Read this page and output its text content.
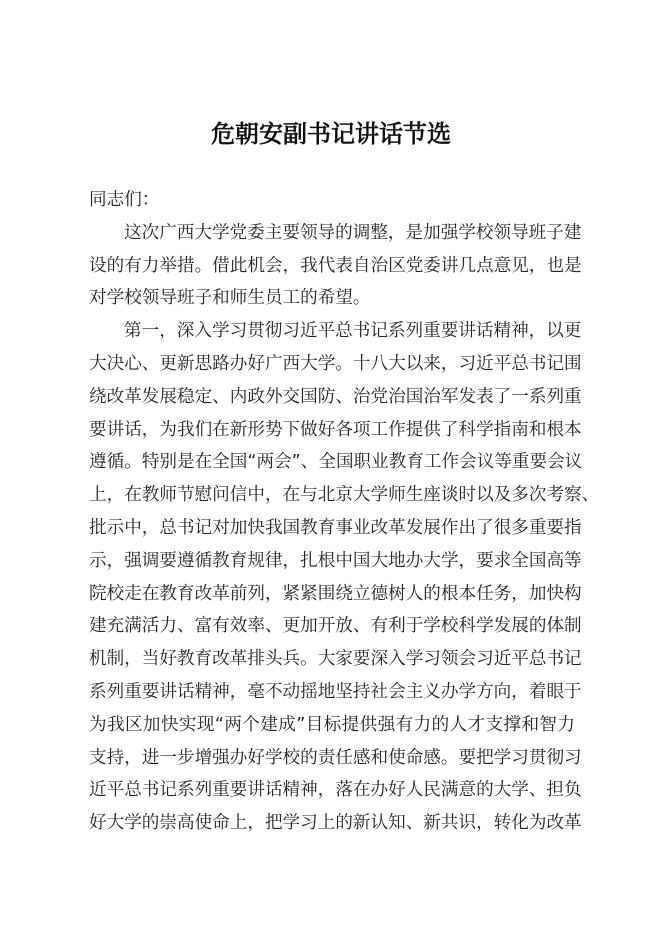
危朝安副书记讲话节选
同志们：
这次广西大学党委主要领导的调整，是加强学校领导班子建
设的有力举措。借此机会，我代表自治区党委讲几点意见，也是
对学校领导班子和师生员工的希望。
第一，深入学习贯彻习近平总书记系列重要讲话精神，以更
大决心、更新思路办好广西大学。十八大以来，习近平总书记围
绕改革发展稳定、内政外交国防、治党治国治军发表了一系列重
要讲话，为我们在新形势下做好各项工作提供了科学指南和根本
遵循。特别是在全国“两会”、全国职业教育工作会议等重要会议
上，在教师节慰问信中，在与北京大学师生座谈时以及多次考察、
批示中，总书记对加快我国教育事业改革发展作出了很多重要指
示，强调要遵循教育规律，扎根中国大地办大学，要求全国高等
院校走在教育改革前列，紧紧围绕立德树人的根本任务，加快构
建充满活力、富有效率、更加开放、有利于学校科学发展的体制
机制，当好教育改革排头兵。大家要深入学习领会习近平总书记
系列重要讲话精神，毫不动摇地坚持社会主义办学方向，着眼于
为我区加快实现“两个建成”目标提供强有力的人才支撑和智力
支持，进一步增强办好学校的责任感和使命感。要把学习贯彻习
近平总书记系列重要讲话精神，落在办好人民满意的大学、担负
好大学的崇高使命上，把学习上的新认知、新共识，转化为改革
